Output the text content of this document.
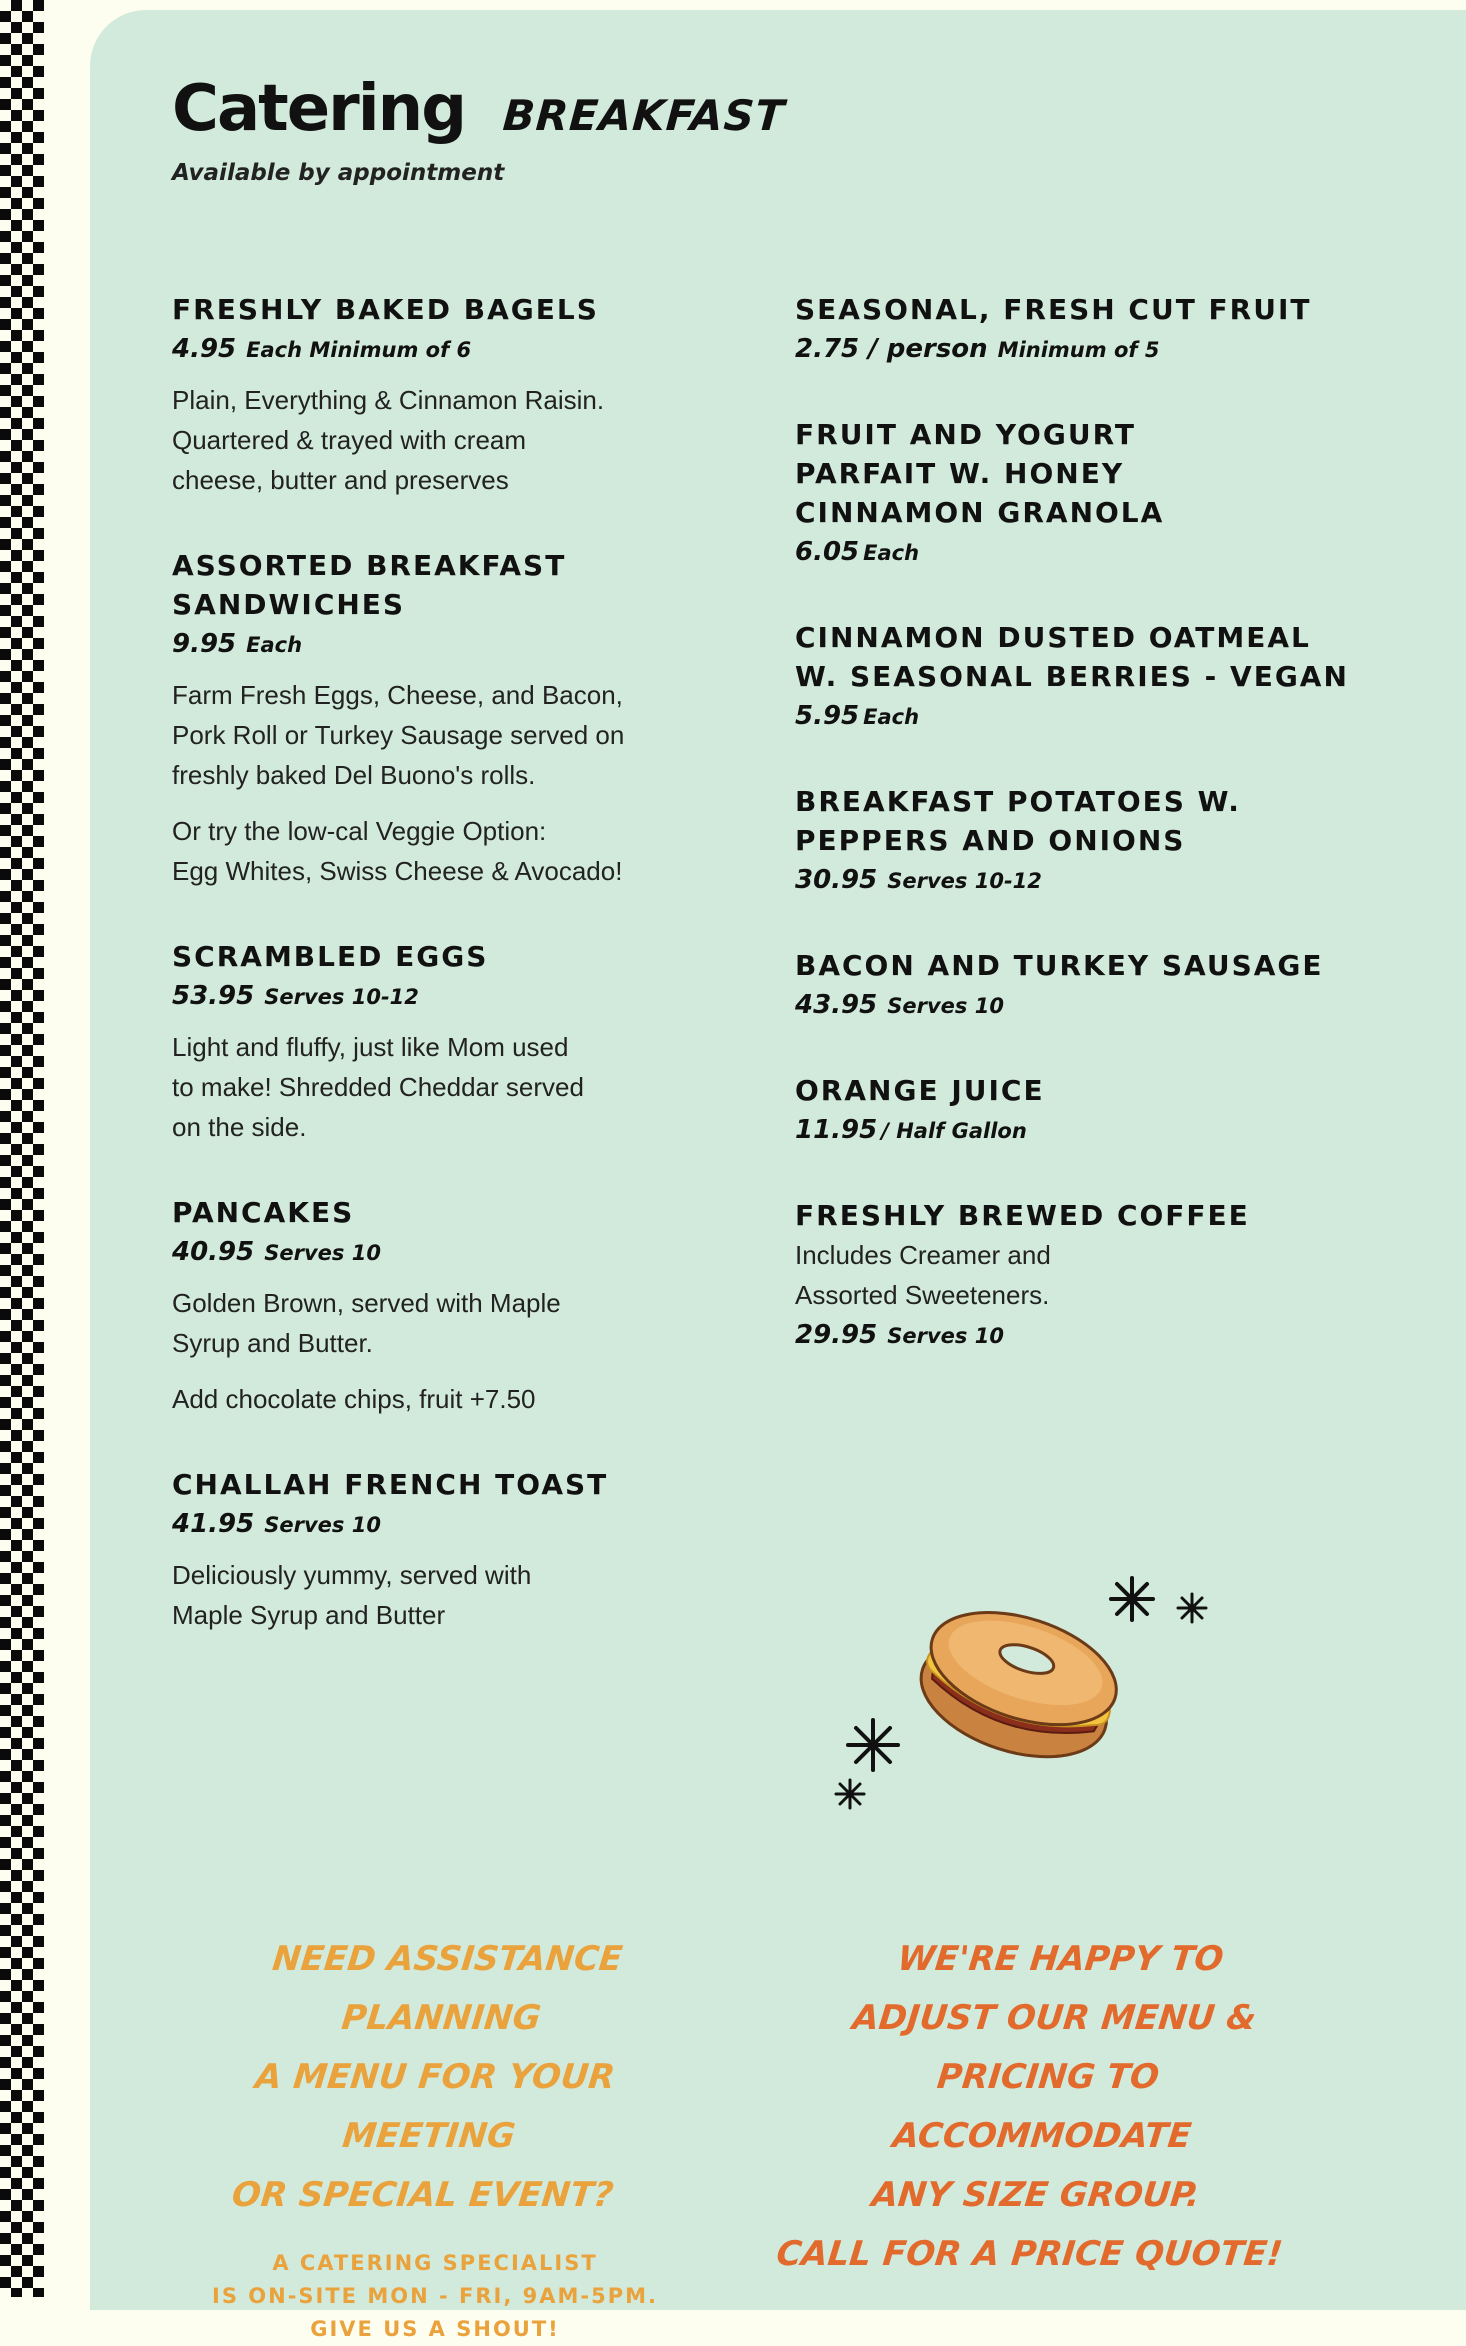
Catering BREAKFAST
Available by appointment
FRESHLY BAKED BAGELS
4.95 Each Minimum of 6
Plain, Everything & Cinnamon Raisin.
Quartered & trayed with cream
cheese, butter and preserves
ASSORTED BREAKFAST
SANDWICHES
9.95 Each
Farm Fresh Eggs, Cheese, and Bacon,
Pork Roll or Turkey Sausage served on
freshly baked Del Buono's rolls.
Or try the low-cal Veggie Option:
Egg Whites, Swiss Cheese & Avocado!
SCRAMBLED EGGS
53.95 Serves 10-12
Light and fluffy, just like Mom used
to make! Shredded Cheddar served
on the side.
PANCAKES
40.95 Serves 10
Golden Brown, served with Maple
Syrup and Butter.
Add chocolate chips, fruit +7.50
CHALLAH FRENCH TOAST
41.95 Serves 10
Deliciously yummy, served with
Maple Syrup and Butter
SEASONAL, FRESH CUT FRUIT
2.75 / person Minimum of 5
FRUIT AND YOGURT
PARFAIT W. HONEY
CINNAMON GRANOLA
6.05 Each
CINNAMON DUSTED OATMEAL
W. SEASONAL BERRIES - VEGAN
5.95 Each
BREAKFAST POTATOES W.
PEPPERS AND ONIONS
30.95 Serves 10-12
BACON AND TURKEY SAUSAGE
43.95 Serves 10
ORANGE JUICE
11.95 / Half Gallon
FRESHLY BREWED COFFEE
Includes Creamer and
Assorted Sweeteners.
29.95 Serves 10
NEED ASSISTANCE PLANNING
A MENU FOR YOUR MEETING
OR SPECIAL EVENT?
A CATERING SPECIALIST
IS ON-SITE MON - FRI, 9AM-5PM.
GIVE US A SHOUT!
WE'RE HAPPY TO
ADJUST OUR MENU &
PRICING TO ACCOMMODATE
ANY SIZE GROUP.
CALL FOR A PRICE QUOTE!
